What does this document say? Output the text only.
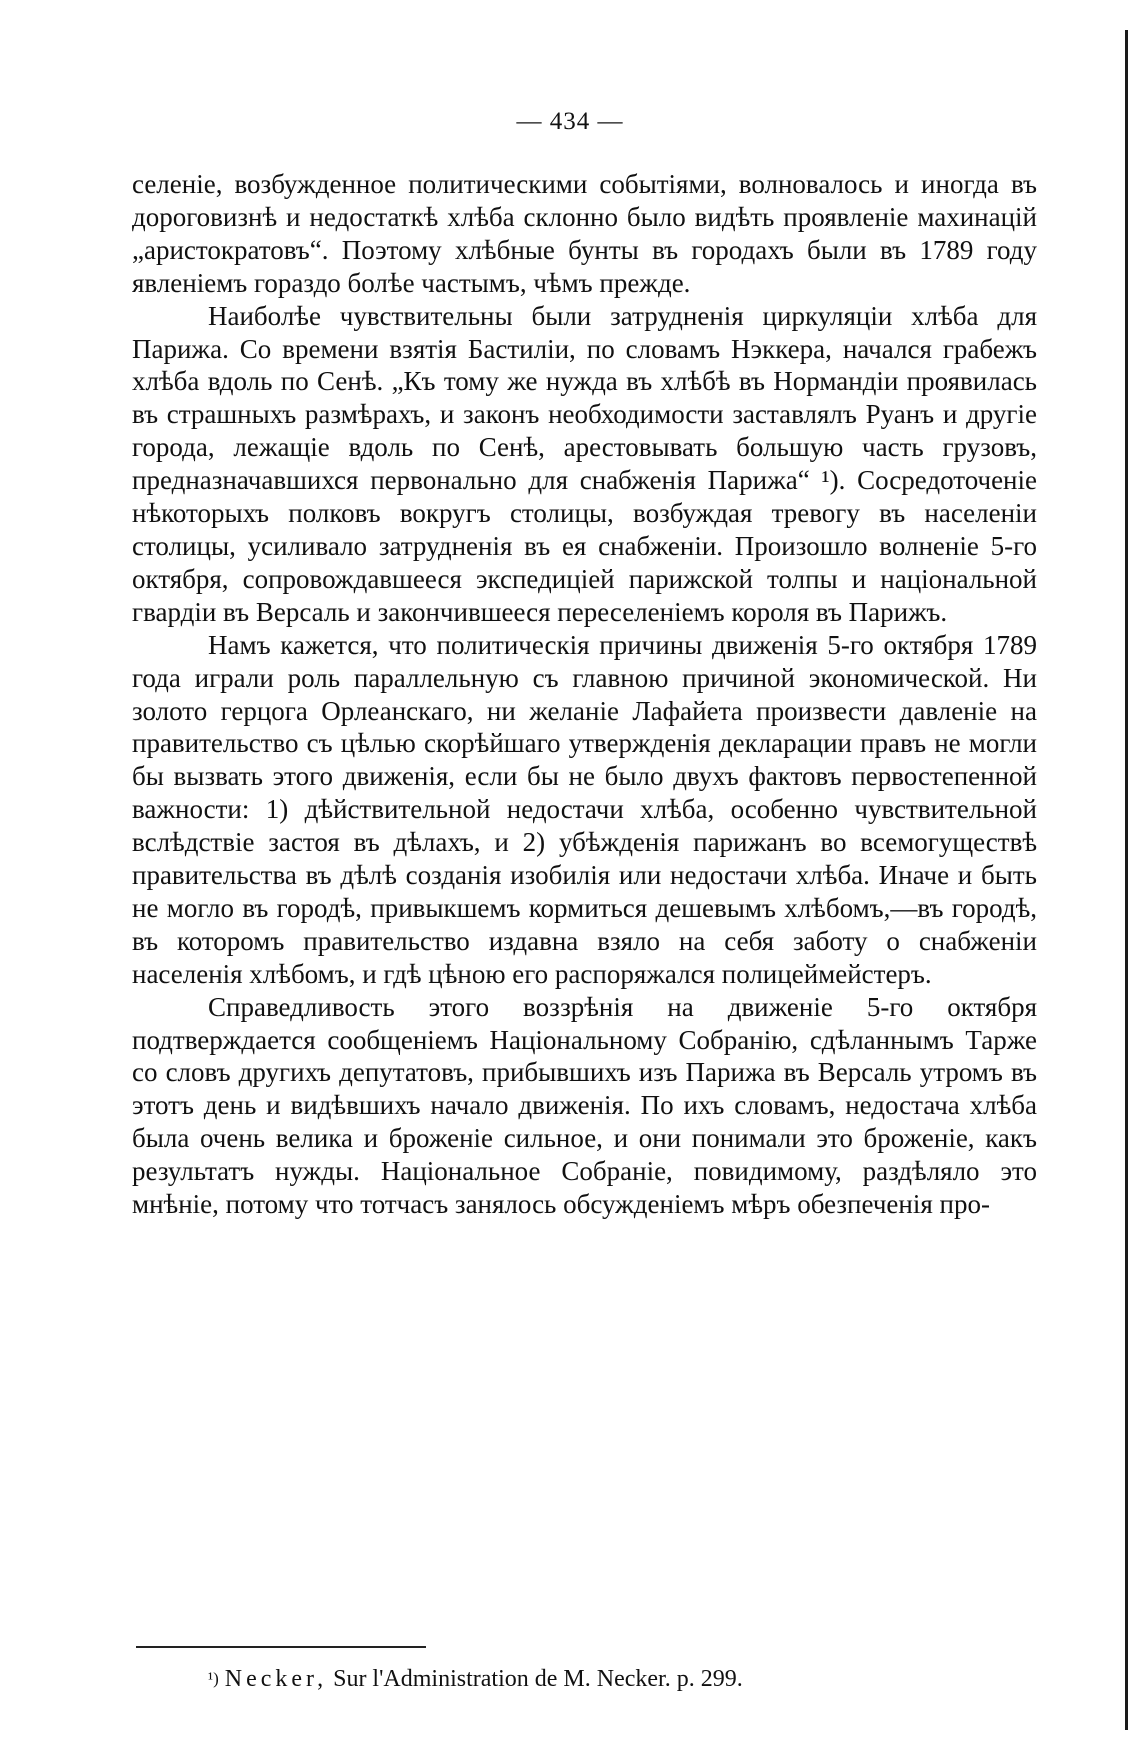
— 434 —

селеніе, возбужденное политическими событіями, волновалось и иногда въ дороговизнѣ и недостаткѣ хлѣба склонно было видѣть проявленіе махинацій „аристократовъ“. Поэтому хлѣбные бунты въ городахъ были въ 1789 году явленіемъ гораздо болѣе частымъ, чѣмъ прежде.

Наиболѣе чувствительны были затрудненія циркуляціи хлѣба для Парижа. Со времени взятія Бастиліи, по словамъ Нэккера, начался грабежъ хлѣба вдоль по Сенѣ. „Къ тому же нужда въ хлѣбѣ въ Нормандіи проявилась въ страшныхъ размѣрахъ, и законъ необходимости заставлялъ Руанъ и другіе города, лежащіе вдоль по Сенѣ, арестовывать большую часть грузовъ, предназначавшихся первонально для снабженія Парижа“ ¹). Сосредоточеніе нѣкоторыхъ полковъ вокругъ столицы, возбуждая тревогу въ населеніи столицы, усиливало затрудненія въ ея снабженіи. Произошло волненіе 5-го октября, сопровождавшееся экспедиціей парижской толпы и національной гвардіи въ Версаль и закончившееся переселеніемъ короля въ Парижъ.

Намъ кажется, что политическія причины движенія 5-го октября 1789 года играли роль параллельную съ главною причиной экономической. Ни золото герцога Орлеанскаго, ни желаніе Лафайета произвести давленіе на правительство съ цѣлью скорѣйшаго утвержденія декларации правъ не могли бы вызвать этого движенія, если бы не было двухъ фактовъ первостепенной важности: 1) дѣйствительной недостачи хлѣба, особенно чувствительной вслѣдствіе застоя въ дѣлахъ, и 2) убѣжденія парижанъ во всемогуществѣ правительства въ дѣлѣ созданія изобилія или недостачи хлѣба. Иначе и быть не могло въ городѣ, привыкшемъ кормиться дешевымъ хлѣбомъ,—въ городѣ, въ которомъ правительство издавна взяло на себя заботу о снабженіи населенія хлѣбомъ, и гдѣ цѣною его распоряжался полицеймейстеръ.

Справедливость этого воззрѣнія на движеніе 5-го октября подтверждается сообщеніемъ Національному Собранію, сдѣланнымъ Тарже со словъ другихъ депутатовъ, прибывшихъ изъ Парижа въ Версаль утромъ въ этотъ день и видѣвшихъ начало движенія. По ихъ словамъ, недостача хлѣба была очень велика и броженіе сильное, и они понимали это броженіе, какъ результатъ нужды. Національное Собраніе, повидимому, раздѣляло это мнѣніе, потому что тотчасъ занялось обсужденіемъ мѣръ обезпеченія про-

$^{^1)}$ Necker, Sur l'Administration de M. Necker. p. 299.
